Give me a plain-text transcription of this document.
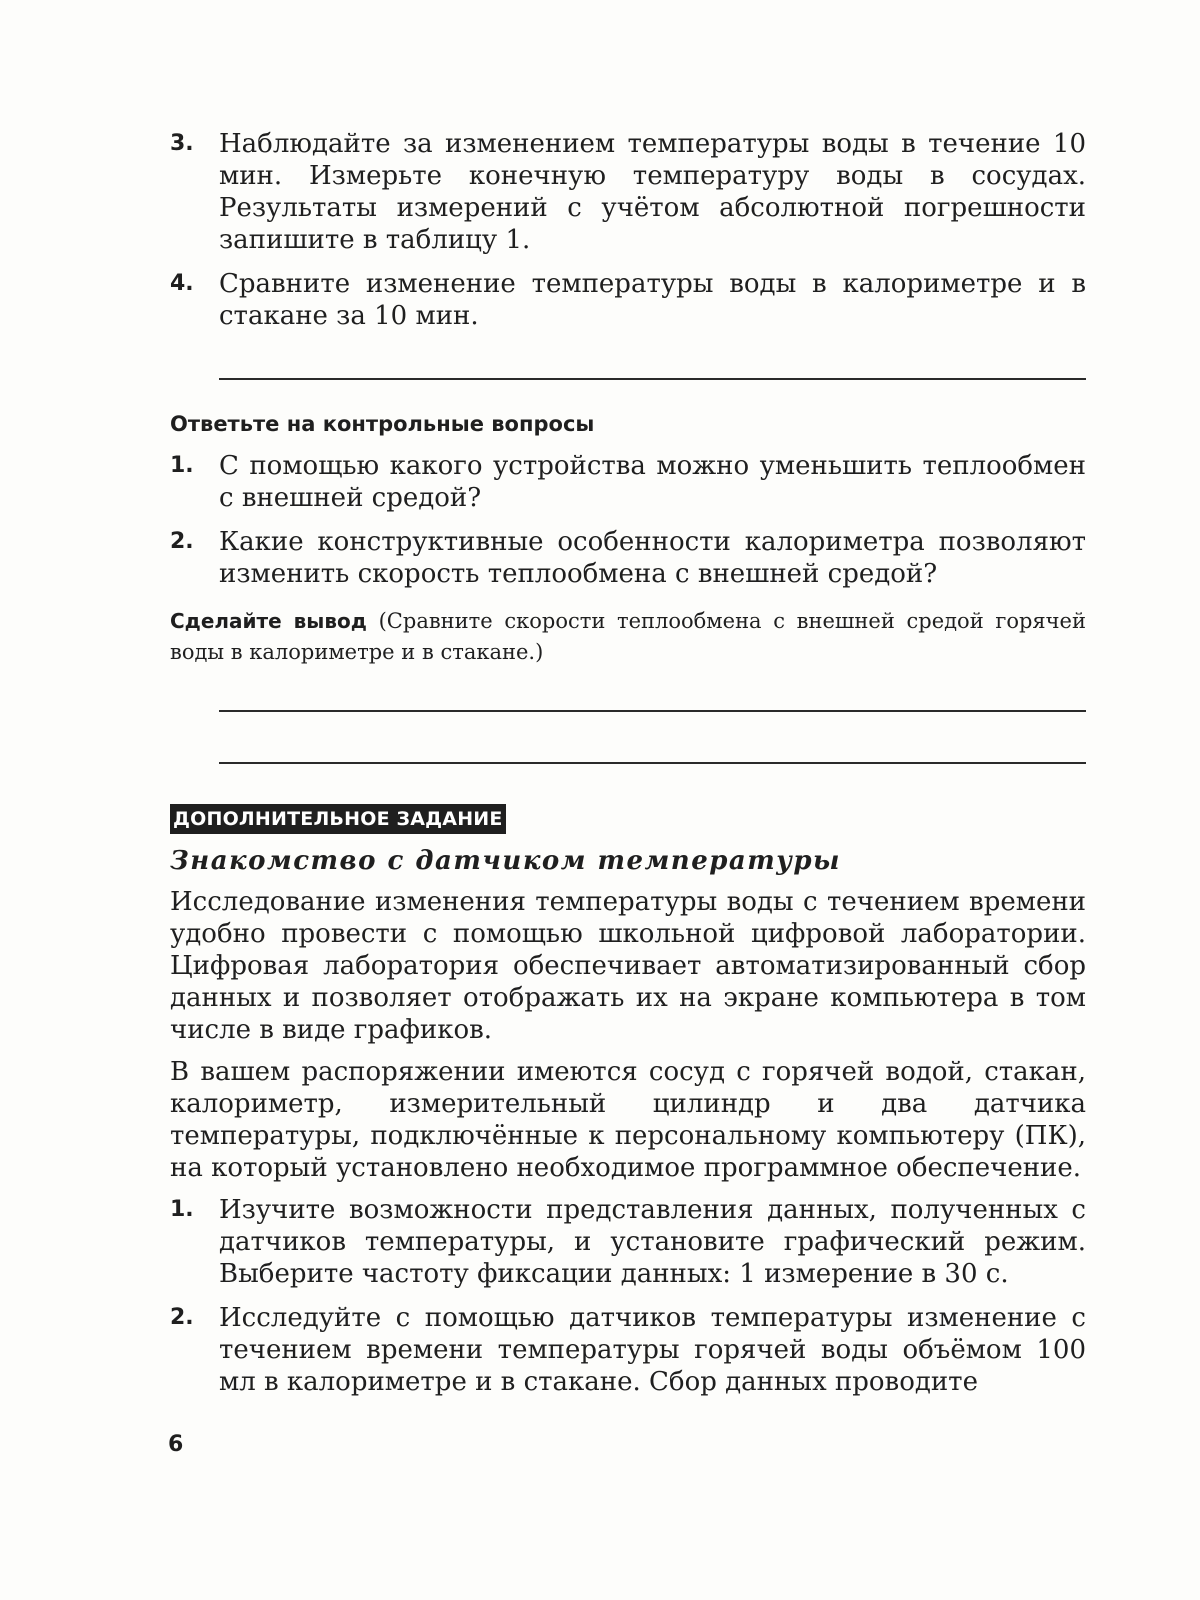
3. Наблюдайте за изменением температуры воды в течение 10 мин. Измерьте конечную температуру воды в сосудах. Результаты измерений с учётом абсолютной погрешности запишите в таблицу 1.
4. Сравните изменение температуры воды в калориметре и в стакане за 10 мин.
Ответьте на контрольные вопросы
1. С помощью какого устройства можно уменьшить теплообмен с внешней средой?
2. Какие конструктивные особенности калориметра позволяют изменить скорость теплообмена с внешней средой?
Сделайте вывод (Сравните скорости теплообмена с внешней средой горячей воды в калориметре и в стакане.)
ДОПОЛНИТЕЛЬНОЕ ЗАДАНИЕ
Знакомство с датчиком температуры
Исследование изменения температуры воды с течением времени удобно провести с помощью школьной цифровой лаборатории. Цифровая лаборатория обеспечивает автоматизированный сбор данных и позволяет отображать их на экране компьютера в том числе в виде графиков.
В вашем распоряжении имеются сосуд с горячей водой, стакан, калориметр, измерительный цилиндр и два датчика температуры, подключённые к персональному компьютеру (ПК), на который установлено необходимое программное обеспечение.
1. Изучите возможности представления данных, полученных с датчиков температуры, и установите графический режим. Выберите частоту фиксации данных: 1 измерение в 30 с.
2. Исследуйте с помощью датчиков температуры изменение с течением времени температуры горячей воды объёмом 100 мл в калориметре и в стакане. Сбор данных проводите
6
